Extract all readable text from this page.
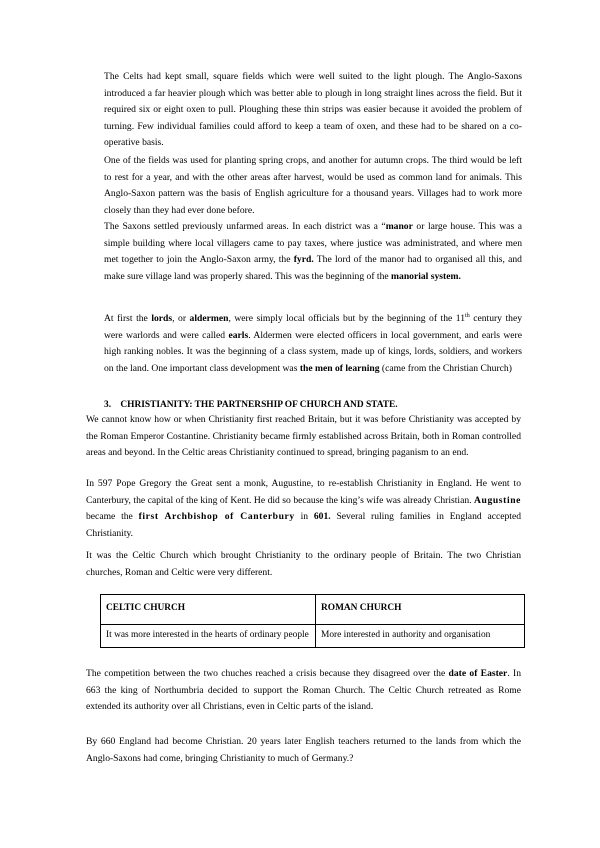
The Celts had kept small, square fields which were well suited to the light plough. The Anglo-Saxons introduced a far heavier plough which was better able to plough in long straight lines across the field. But it required six or eight oxen to pull. Ploughing these thin strips was easier because it avoided the problem of turning. Few individual families could afford to keep a team of oxen, and these had to be shared on a co-operative basis.

One of the fields was used for planting spring crops, and another for autumn crops. The third would be left to rest for a year, and with the other areas after harvest, would be used as common land for animals. This Anglo-Saxon pattern was the basis of English agriculture for a thousand years. Villages had to work more closely than they had ever done before.

The Saxons settled previously unfarmed areas. In each district was a “manor or large house. This was a simple building where local villagers came to pay taxes, where justice was administrated, and where men met together to join the Anglo-Saxon army, the fyrd. The lord of the manor had to organised all this, and make sure village land was properly shared. This was the beginning of the manorial system.

At first the lords, or aldermen, were simply local officials but by the beginning of the 11th century they were warlords and were called earls. Aldermen were elected officers in local government, and earls were high ranking nobles. It was the beginning of a class system, made up of kings, lords, soldiers, and workers on the land. One important class development was the men of learning (came from the Christian Church)

3.    CHRISTIANITY: THE PARTNERSHIP OF CHURCH AND STATE.

We cannot know how or when Christianity first reached Britain, but it was before Christianity was accepted by the Roman Emperor Costantine. Christianity became firmly established across Britain, both in Roman controlled areas and beyond. In the Celtic areas Christianity continued to spread, bringing paganism to an end.

In 597 Pope Gregory the Great sent a monk, Augustine, to re-establish Christianity in England. He went to Canterbury, the capital of the king of Kent. He did so because the king’s wife was already Christian. Augustine became the first Archbishop of Canterbury in 601. Several ruling families in England accepted Christianity.

It was the Celtic Church which brought Christianity to the ordinary people of Britain. The two Christian churches, Roman and Celtic were very different.

CELTIC CHURCH	ROMAN CHURCH
It was more interested in the hearts of ordinary people	More interested in authority and organisation

The competition between the two chuches reached a crisis because they disagreed over the date of Easter. In 663 the king of Northumbria decided to support the Roman Church. The Celtic Church retreated as Rome extended its authority over all Christians, even in Celtic parts of the island.

By 660 England had become Christian. 20 years later English teachers returned to the lands from which the Anglo-Saxons had come, bringing Christianity to much of Germany.?
